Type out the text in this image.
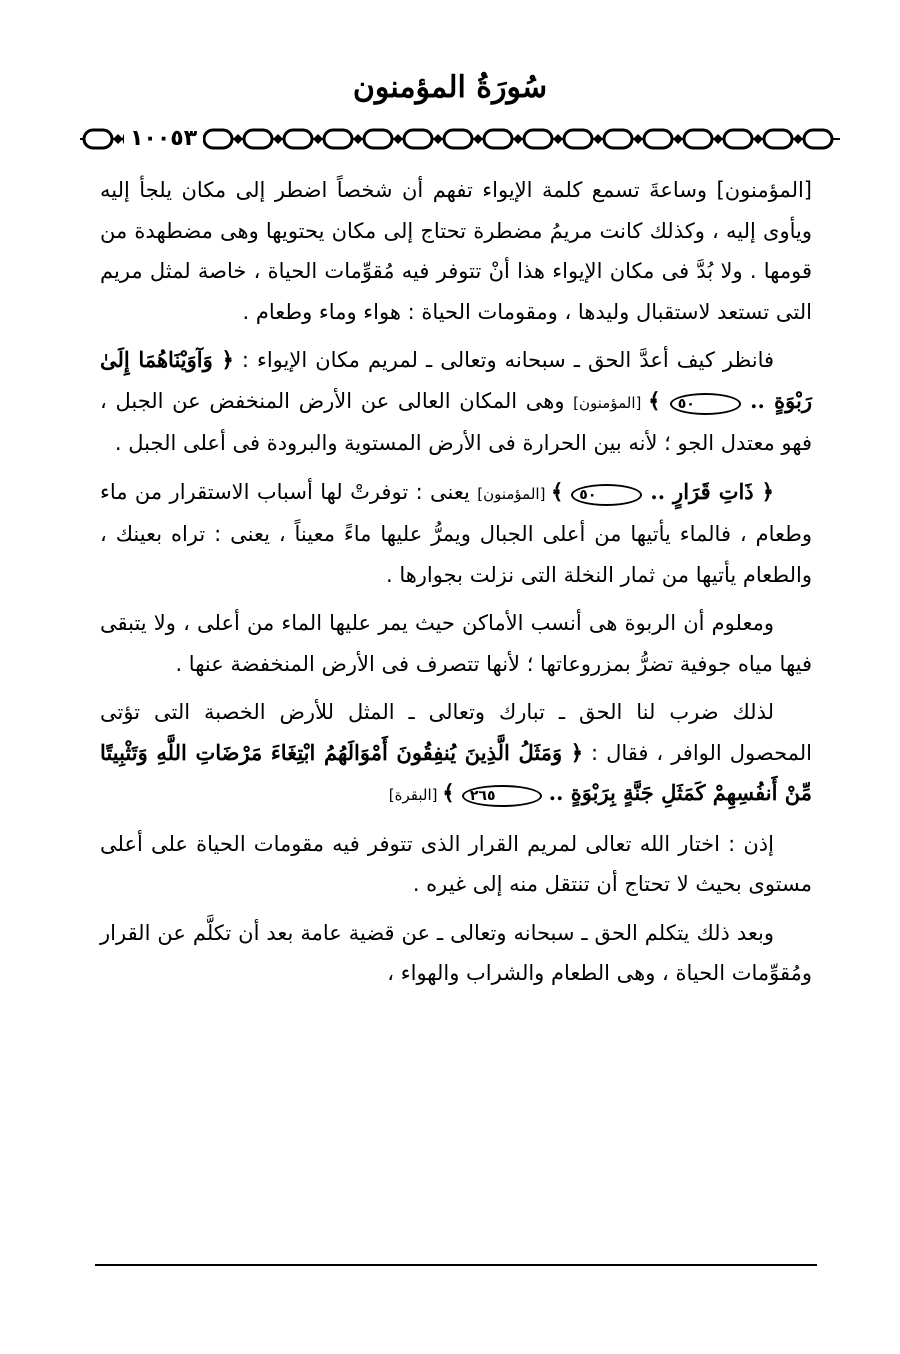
سُورَةُ المؤمنون
١٠٠٥٣

[المؤمنون] وساعةَ تسمع كلمة الإيواء تفهم أن شخصاً اضطر إلى مكان يلجأ إليه ويأوى إليه ، وكذلك كانت مريمُ مضطرة تحتاج إلى مكان يحتويها وهى مضطهدة من قومها . ولا بُدَّ فى مكان الإيواء هذا أنْ تتوفر فيه مُقوِّمات الحياة ، خاصة لمثل مريم التى تستعد لاستقبال وليدها ، ومقومات الحياة : هواء وماء وطعام .

فانظر كيف أعدَّ الحق ـ سبحانه وتعالى ـ لمريم مكان الإيواء : ﴿ وَآوَيْنَاهُمَا إِلَىٰ رَبْوَةٍ .. ٥٠ ﴾ [المؤمنون] وهى المكان العالى عن الأرض المنخفض عن الجبل ، فهو معتدل الجو ؛ لأنه بين الحرارة فى الأرض المستوية والبرودة فى أعلى الجبل .

﴿ ذَاتِ قَرَارٍ .. ٥٠ ﴾ [المؤمنون] يعنى : توفرتْ لها أسباب الاستقرار من ماء وطعام ، فالماء يأتيها من أعلى الجبال ويمرُّ عليها ماءً معيناً ، يعنى : تراه بعينك ، والطعام يأتيها من ثمار النخلة التى نزلت بجوارها .

ومعلوم أن الربوة هى أنسب الأماكن حيث يمر عليها الماء من أعلى ، ولا يتبقى فيها مياه جوفية تضرُّ بمزروعاتها ؛ لأنها تتصرف فى الأرض المنخفضة عنها .

لذلك ضرب لنا الحق ـ تبارك وتعالى ـ المثل للأرض الخصبة التى تؤتى المحصول الوافر ، فقال : ﴿ وَمَثَلُ الَّذِينَ يُنفِقُونَ أَمْوَالَهُمُ ابْتِغَاءَ مَرْضَاتِ اللَّهِ وَتَثْبِيتًا مِّنْ أَنفُسِهِمْ كَمَثَلِ جَنَّةٍ بِرَبْوَةٍ .. ٢٦٥ ﴾ [البقرة]

إذن : اختار الله تعالى لمريم القرار الذى تتوفر فيه مقومات الحياة على أعلى مستوى بحيث لا تحتاج أن تنتقل منه إلى غيره .

وبعد ذلك يتكلم الحق ـ سبحانه وتعالى ـ عن قضية عامة بعد أن تكلَّم عن القرار ومُقوِّمات الحياة ، وهى الطعام والشراب والهواء ،
